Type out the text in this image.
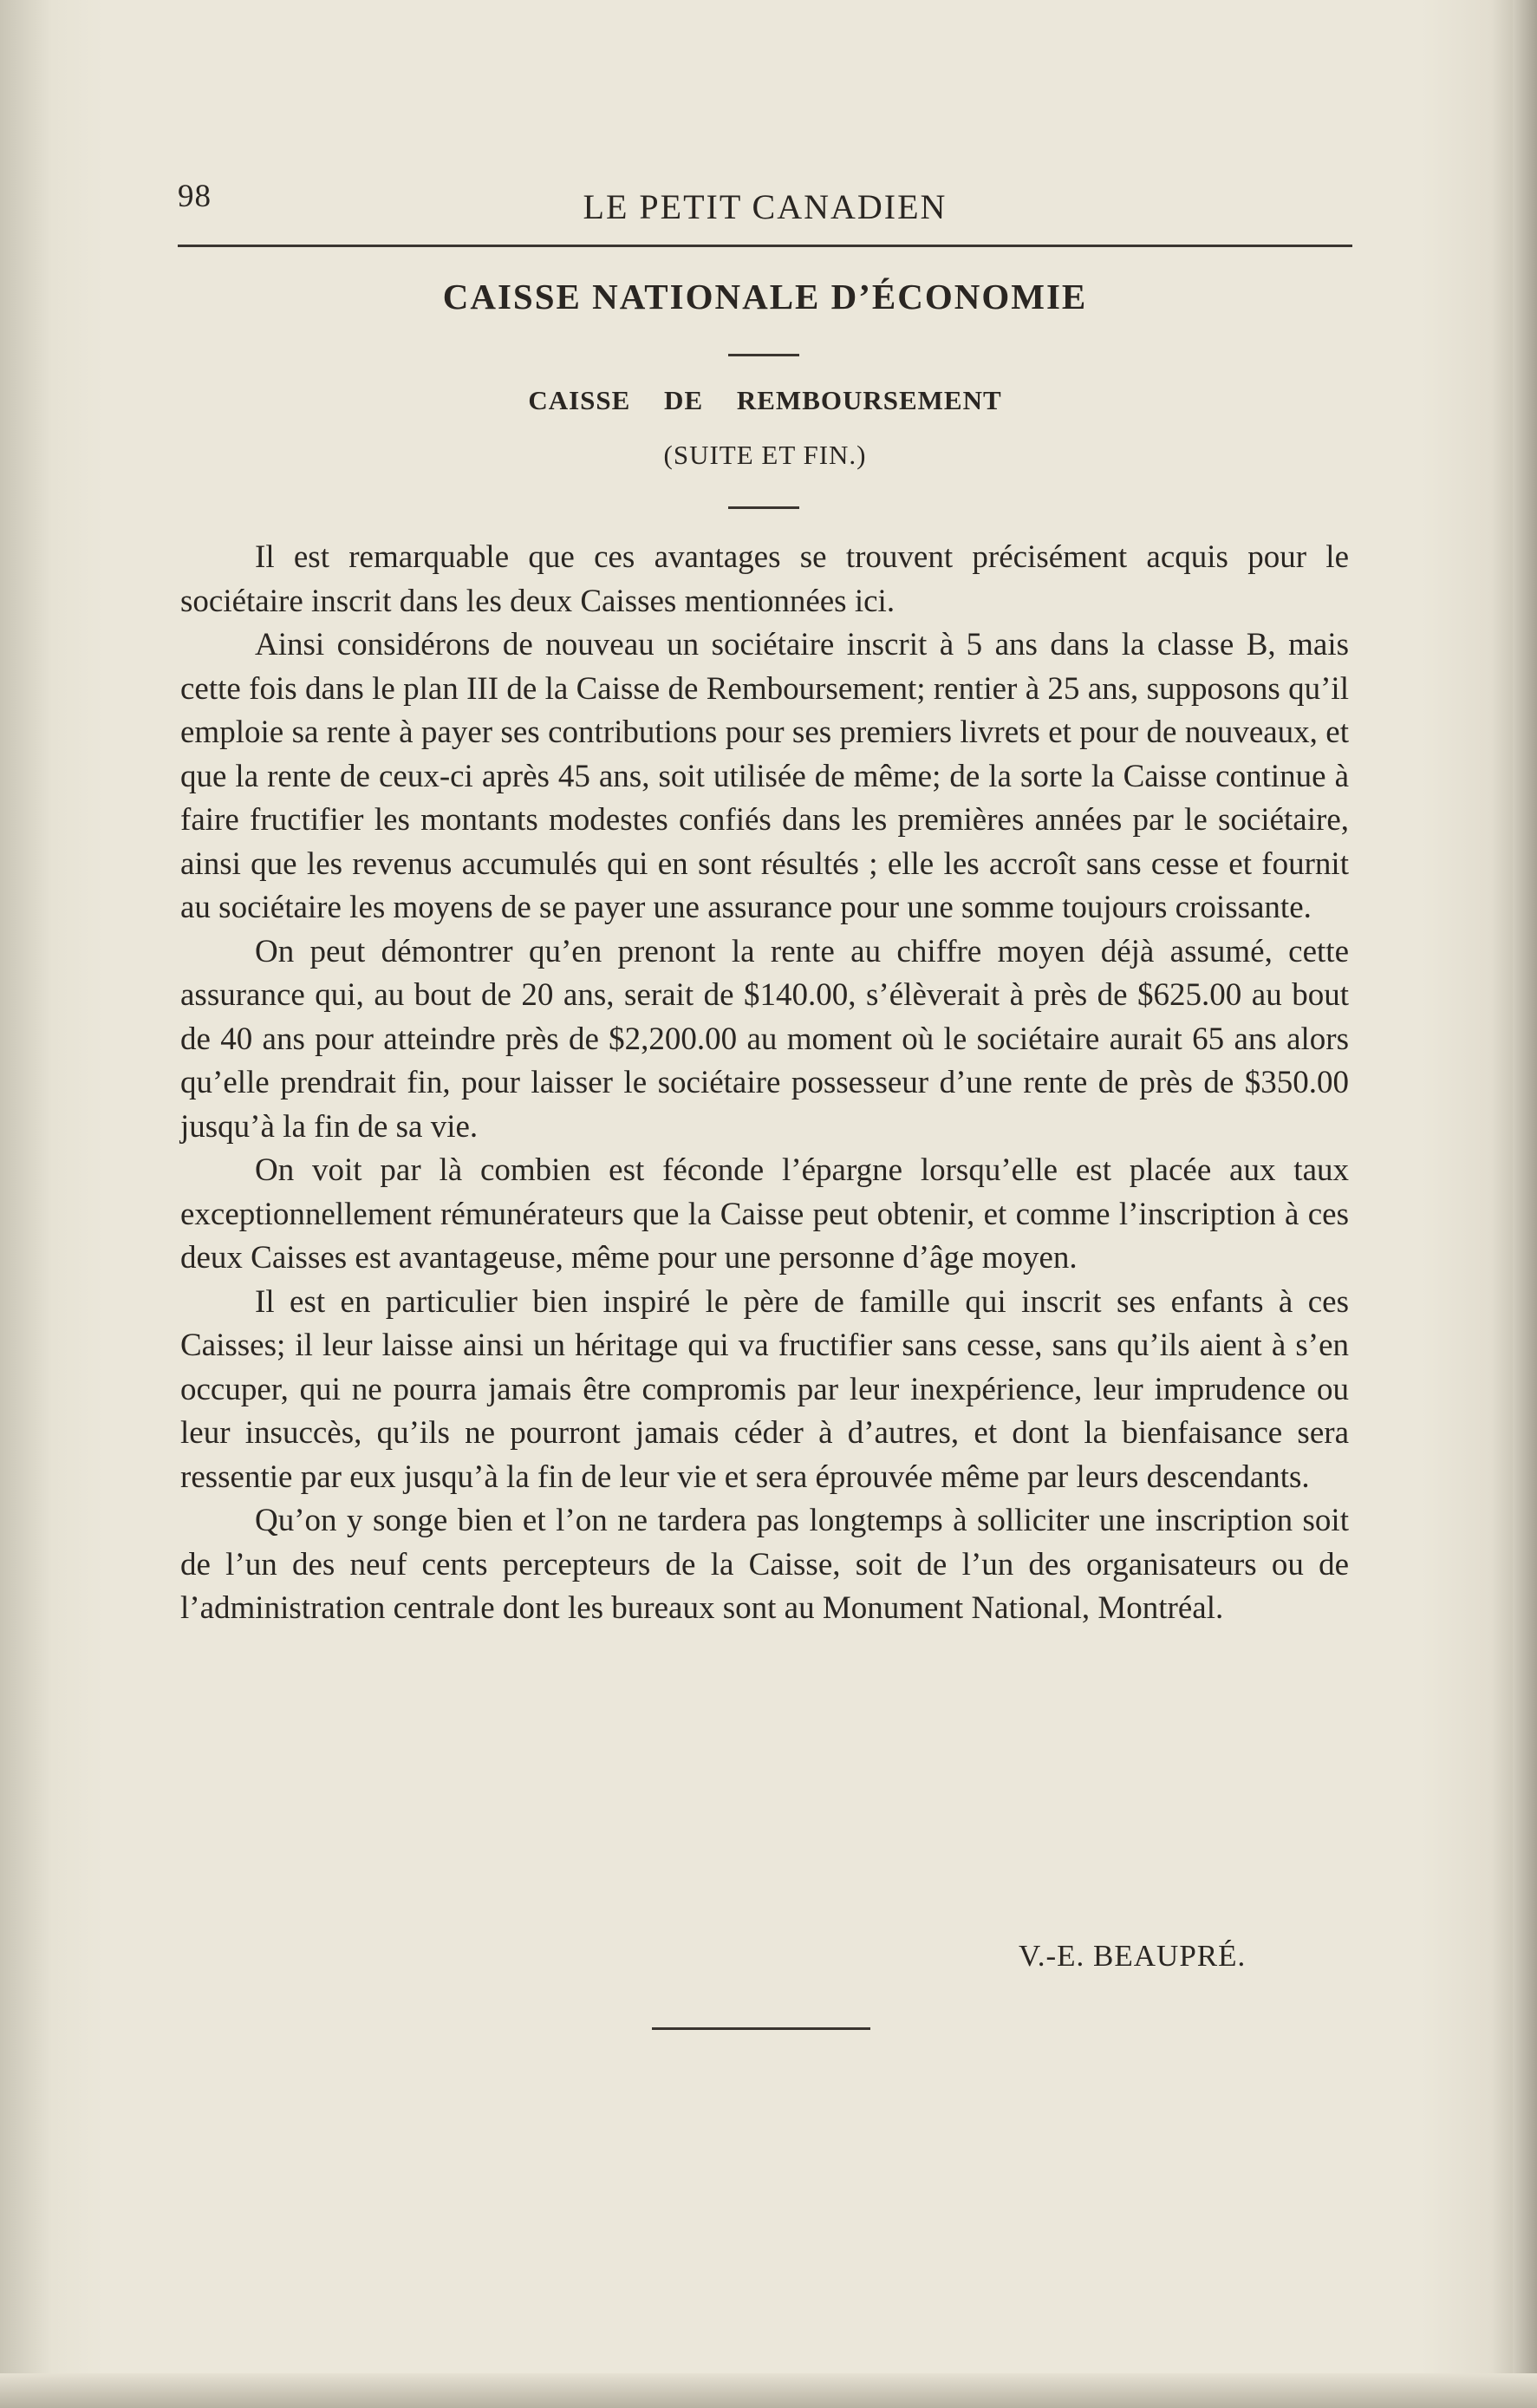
98	LE PETIT CANADIEN
CAISSE NATIONALE D’ÉCONOMIE
CAISSE DE REMBOURSEMENT
(SUITE ET FIN.)

Il est remarquable que ces avantages se trouvent précisément acquis pour le sociétaire inscrit dans les deux Caisses mentionnées ici.

Ainsi considérons de nouveau un sociétaire inscrit à 5 ans dans la classe B, mais cette fois dans le plan III de la Caisse de Remboursement; rentier à 25 ans, supposons qu’il emploie sa rente à payer ses contributions pour ses premiers livrets et pour de nouveaux, et que la rente de ceux-ci après 45 ans, soit utilisée de même; de la sorte la Caisse continue à faire fructifier les montants modestes confiés dans les premières années par le sociétaire, ainsi que les revenus accumulés qui en sont résultés ; elle les accroît sans cesse et fournit au sociétaire les moyens de se payer une assurance pour une somme toujours croissante.

On peut démontrer qu’en prenont la rente au chiffre moyen déjà assumé, cette assurance qui, au bout de 20 ans, serait de $140.00, s’élèverait à près de $625.00 au bout de 40 ans pour atteindre près de $2,200.00 au moment où le sociétaire aurait 65 ans alors qu’elle prendrait fin, pour laisser le sociétaire possesseur d’une rente de près de $350.00 jusqu’à la fin de sa vie.

On voit par là combien est féconde l’épargne lorsqu’elle est placée aux taux exceptionnellement rémunérateurs que la Caisse peut obtenir, et comme l’inscription à ces deux Caisses est avantageuse, même pour une personne d’âge moyen.

Il est en particulier bien inspiré le père de famille qui inscrit ses enfants à ces Caisses; il leur laisse ainsi un héritage qui va fructifier sans cesse, sans qu’ils aient à s’en occuper, qui ne pourra jamais être compromis par leur inexpérience, leur imprudence ou leur insuccès, qu’ils ne pourront jamais céder à d’autres, et dont la bienfaisance sera ressentie par eux jusqu’à la fin de leur vie et sera éprouvée même par leurs descendants.

Qu’on y songe bien et l’on ne tardera pas longtemps à solliciter une inscription soit de l’un des neuf cents percepteurs de la Caisse, soit de l’un des organisateurs ou de l’administration centrale dont les bureaux sont au Monument National, Montréal.

V.-E. BEAUPRÉ.
